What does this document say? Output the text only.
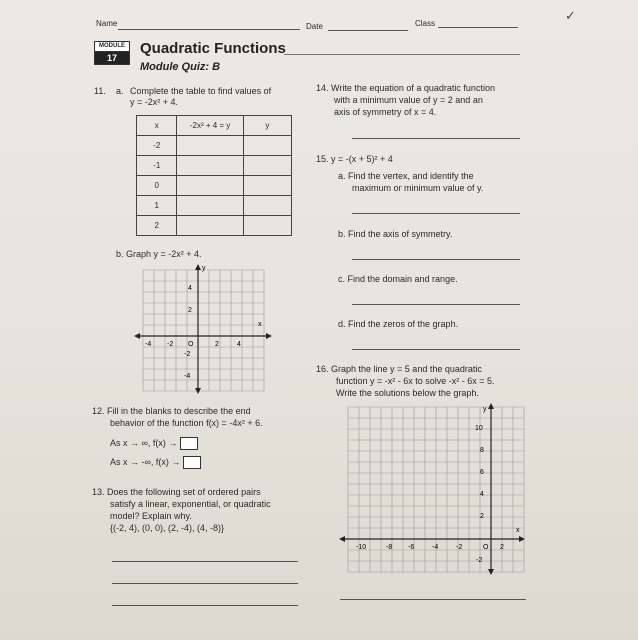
Name	Date	Class
✓
MODULE
17
Quadratic Functions
Module Quiz: B
11. a. Complete the table to find values of
y = -2x² + 4.
x	-2x² + 4 = y	y
-2		
-1		
0		
1		
2		
b. Graph y = -2x² + 4.
y
x
-4 -2 O	2	4
4
2
-2
-4
12. Fill in the blanks to describe the end
behavior of the function f(x) = -4x² + 6.
As x → ∞, f(x) →
As x → -∞, f(x) →
13. Does the following set of ordered pairs
satisfy a linear, exponential, or quadratic
model? Explain why.
{(-2, 4), (0, 0), (2, -4), (4, -8)}
14. Write the equation of a quadratic function
with a minimum value of y = 2 and an
axis of symmetry of x = 4.
15. y = -(x + 5)² + 4
a. Find the vertex, and identify the
maximum or minimum value of y.
b. Find the axis of symmetry.
c. Find the domain and range.
d. Find the zeros of the graph.
16. Graph the line y = 5 and the quadratic
function y = -x² - 6x to solve -x² - 6x = 5.
Write the solutions below the graph.
y
x
-10	-8 -6	-4	-2	O 2
10
8
6
4
2
-2
